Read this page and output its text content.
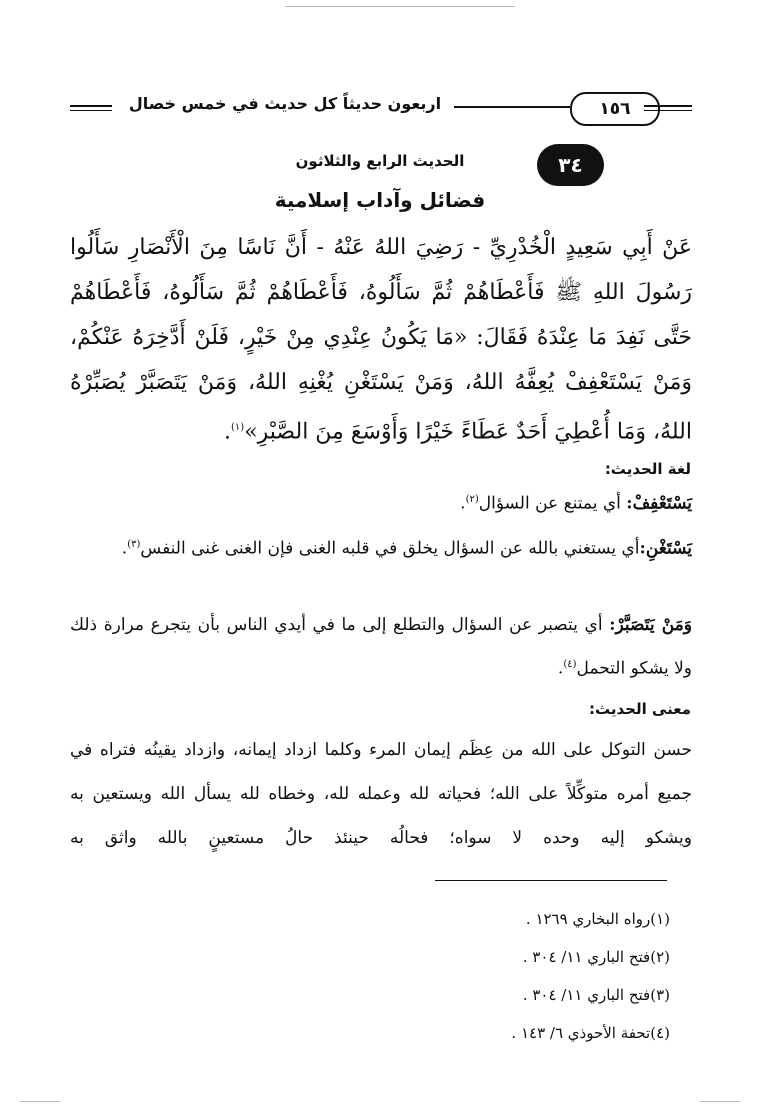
اربعون حديثاً كل حديث في خمس خصال	١٥٦
٣٤
الحديث الرابع والثلاثون
فضائل وآداب إسلامية
عَنْ أَبِي سَعِيدٍ الْخُدْرِيِّ - رَضِيَ اللهُ عَنْهُ - أَنَّ نَاسًا مِنَ الْأَنْصَارِ سَأَلُوا رَسُولَ اللهِ ﷺ فَأَعْطَاهُمْ ثُمَّ سَأَلُوهُ، فَأَعْطَاهُمْ ثُمَّ سَأَلُوهُ، فَأَعْطَاهُمْ حَتَّى نَفِدَ مَا عِنْدَهُ فَقَالَ: «مَا يَكُونُ عِنْدِي مِنْ خَيْرٍ، فَلَنْ أَدَّخِرَهُ عَنْكُمْ، وَمَنْ يَسْتَعْفِفْ يُعِفَّهُ اللهُ، وَمَنْ يَسْتَغْنِ يُغْنِهِ اللهُ، وَمَنْ يَتَصَبَّرْ يُصَبِّرْهُ اللهُ، وَمَا أُعْطِيَ أَحَدٌ عَطَاءً خَيْرًا وَأَوْسَعَ مِنَ الصَّبْرِ»$^{(١)}$.
لغة الحديث:
يَسْتَعْفِفْ: أي يمتنع عن السؤال$^{(٢)}$.
يَسْتَغْنِ:أي يستغني بالله عن السؤال يخلق في قلبه الغنى فإن الغنى غنى النفس$^{(٣)}$.
وَمَنْ يَتَصَبَّرْ: أي يتصبر عن السؤال والتطلع إلى ما في أيدي الناس بأن يتجرع مرارة ذلك ولا يشكو التحمل$^{(٤)}$.
معنى الحديث:
حسن التوكل على الله من عِظَم إيمان المرء وكلما ازداد إيمانه، وازداد يقينُه فتراه في جميع أمره متوكِّلاً على الله؛ فحياته لله وعمله لله، وخطاه لله يسأل الله ويستعين به ويشكو إليه وحده لا سواه؛ فحالُه حينئذ حالُ مستعينٍ بالله واثق به
(١)رواه البخاري ١٢٦٩ .
(٢)فتح الباري ١١/ ٣٠٤ .
(٣)فتح الباري ١١/ ٣٠٤ .
(٤)تحفة الأحوذي ٦/ ١٤٣ .
